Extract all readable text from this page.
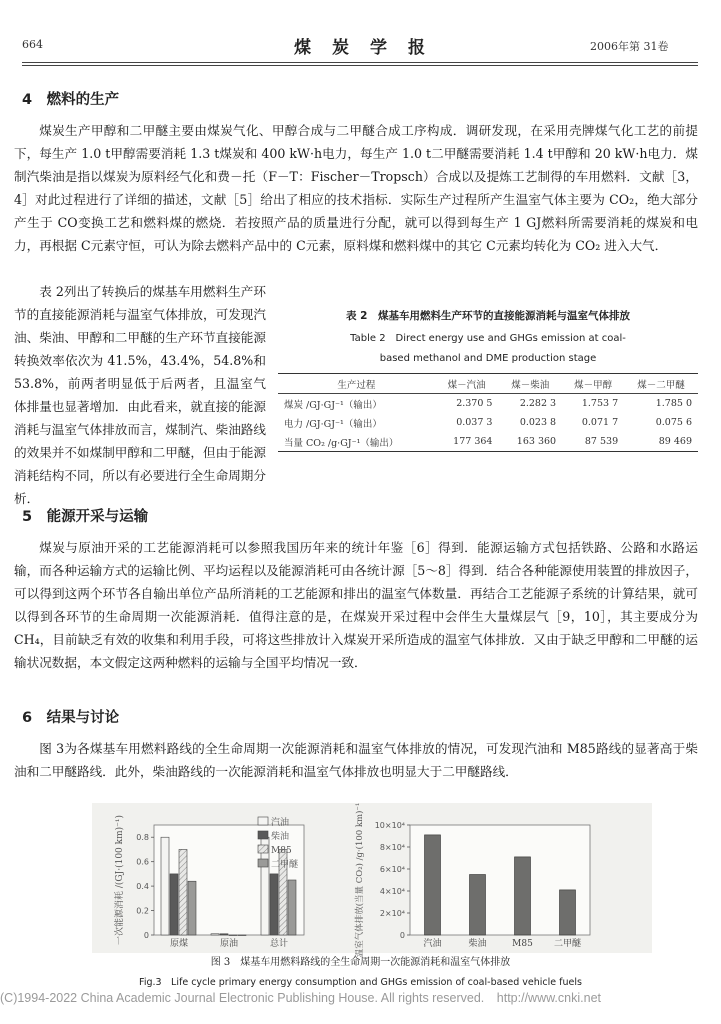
664	煤　炭　学　报	2006年第 31卷
4　燃料的生产

煤炭生产甲醇和二甲醚主要由煤炭气化、甲醇合成与二甲醚合成工序构成．调研发现，在采用壳牌煤气化工艺的前提下，每生产 1.0 t甲醇需要消耗 1.3 t煤炭和 400 kW·h电力，每生产 1.0 t二甲醚需要消耗 1.4 t甲醇和 20 kW·h电力．煤制汽柴油是指以煤炭为原料经气化和费－托（F－T：Fischer－Tropsch）合成以及提炼工艺制得的车用燃料．文献［3，4］对此过程进行了详细的描述，文献［5］给出了相应的技术指标．实际生产过程所产生温室气体主要为 CO₂，绝大部分产生于 CO变换工艺和燃料煤的燃烧．若按照产品的质量进行分配，就可以得到每生产 1 GJ燃料所需要消耗的煤炭和电力，再根据 C元素守恒，可认为除去燃料产品中的 C元素，原料煤和燃料煤中的其它 C元素均转化为 CO₂ 进入大气．

表 2列出了转换后的煤基车用燃料生产环节的直接能源消耗与温室气体排放，可发现汽油、柴油、甲醇和二甲醚的生产环节直接能源转换效率依次为 41.5%，43.4%，54.8%和 53.8%，前两者明显低于后两者，且温室气体排量也显著增加．由此看来，就直接的能源消耗与温室气体排放而言，煤制汽、柴油路线的效果并不如煤制甲醇和二甲醚，但由于能源消耗结构不同，所以有必要进行全生命周期分析．

表 2　煤基车用燃料生产环节的直接能源消耗与温室气体排放
Table 2　Direct energy use and GHGs emission at coal-
based methanol and DME production stage
生产过程	煤－汽油	煤－柴油	煤－甲醇	煤－二甲醚
煤炭 /GJ·GJ⁻¹（输出）	2.370 5	2.282 3	1.753 7	1.785 0
电力 /GJ·GJ⁻¹（输出）	0.037 3	0.023 8	0.071 7	0.075 6
当量 CO₂ /g·GJ⁻¹（输出）	177 364	163 360	87 539	89 469

5　能源开采与运输

煤炭与原油开采的工艺能源消耗可以参照我国历年来的统计年鉴［6］得到．能源运输方式包括铁路、公路和水路运输，而各种运输方式的运输比例、平均运程以及能源消耗可由各统计源［5～8］得到．结合各种能源使用装置的排放因子，可以得到这两个环节各自输出单位产品所消耗的工艺能源和排出的温室气体数量．再结合工艺能源子系统的计算结果，就可以得到各环节的生命周期一次能源消耗．值得注意的是，在煤炭开采过程中会伴生大量煤层气［9，10］，其主要成分为 CH₄，目前缺乏有效的收集和利用手段，可将这些排放计入煤炭开采所造成的温室气体排放．又由于缺乏甲醇和二甲醚的运输状况数据，本文假定这两种燃料的运输与全国平均情况一致．

6　结果与讨论

图 3为各煤基车用燃料路线的全生命周期一次能源消耗和温室气体排放的情况，可发现汽油和 M85路线的显著高于柴油和二甲醚路线．此外，柴油路线的一次能源消耗和温室气体排放也明显大于二甲醚路线．

0
0.2
0.4
0.6
0.8
原煤	原油	总计
汽油
柴油
M85
二甲醚
一次能源消耗 /(GJ·(100 km)⁻¹)	0
2×10⁴
4×10⁴
6×10⁴
8×10⁴
10×10⁴
汽油	柴油	M85 二甲醚
温室气体排放(当量 CO₂) /g·(100 km)⁻¹
图 3　煤基车用燃料路线的全生命周期一次能源消耗和温室气体排放
Fig.3　Life cycle primary energy consumption and GHGs emission of coal-based vehicle fuels
(C)1994-2022 China Academic Journal Electronic Publishing House. All rights reserved.　http://www.cnki.net
